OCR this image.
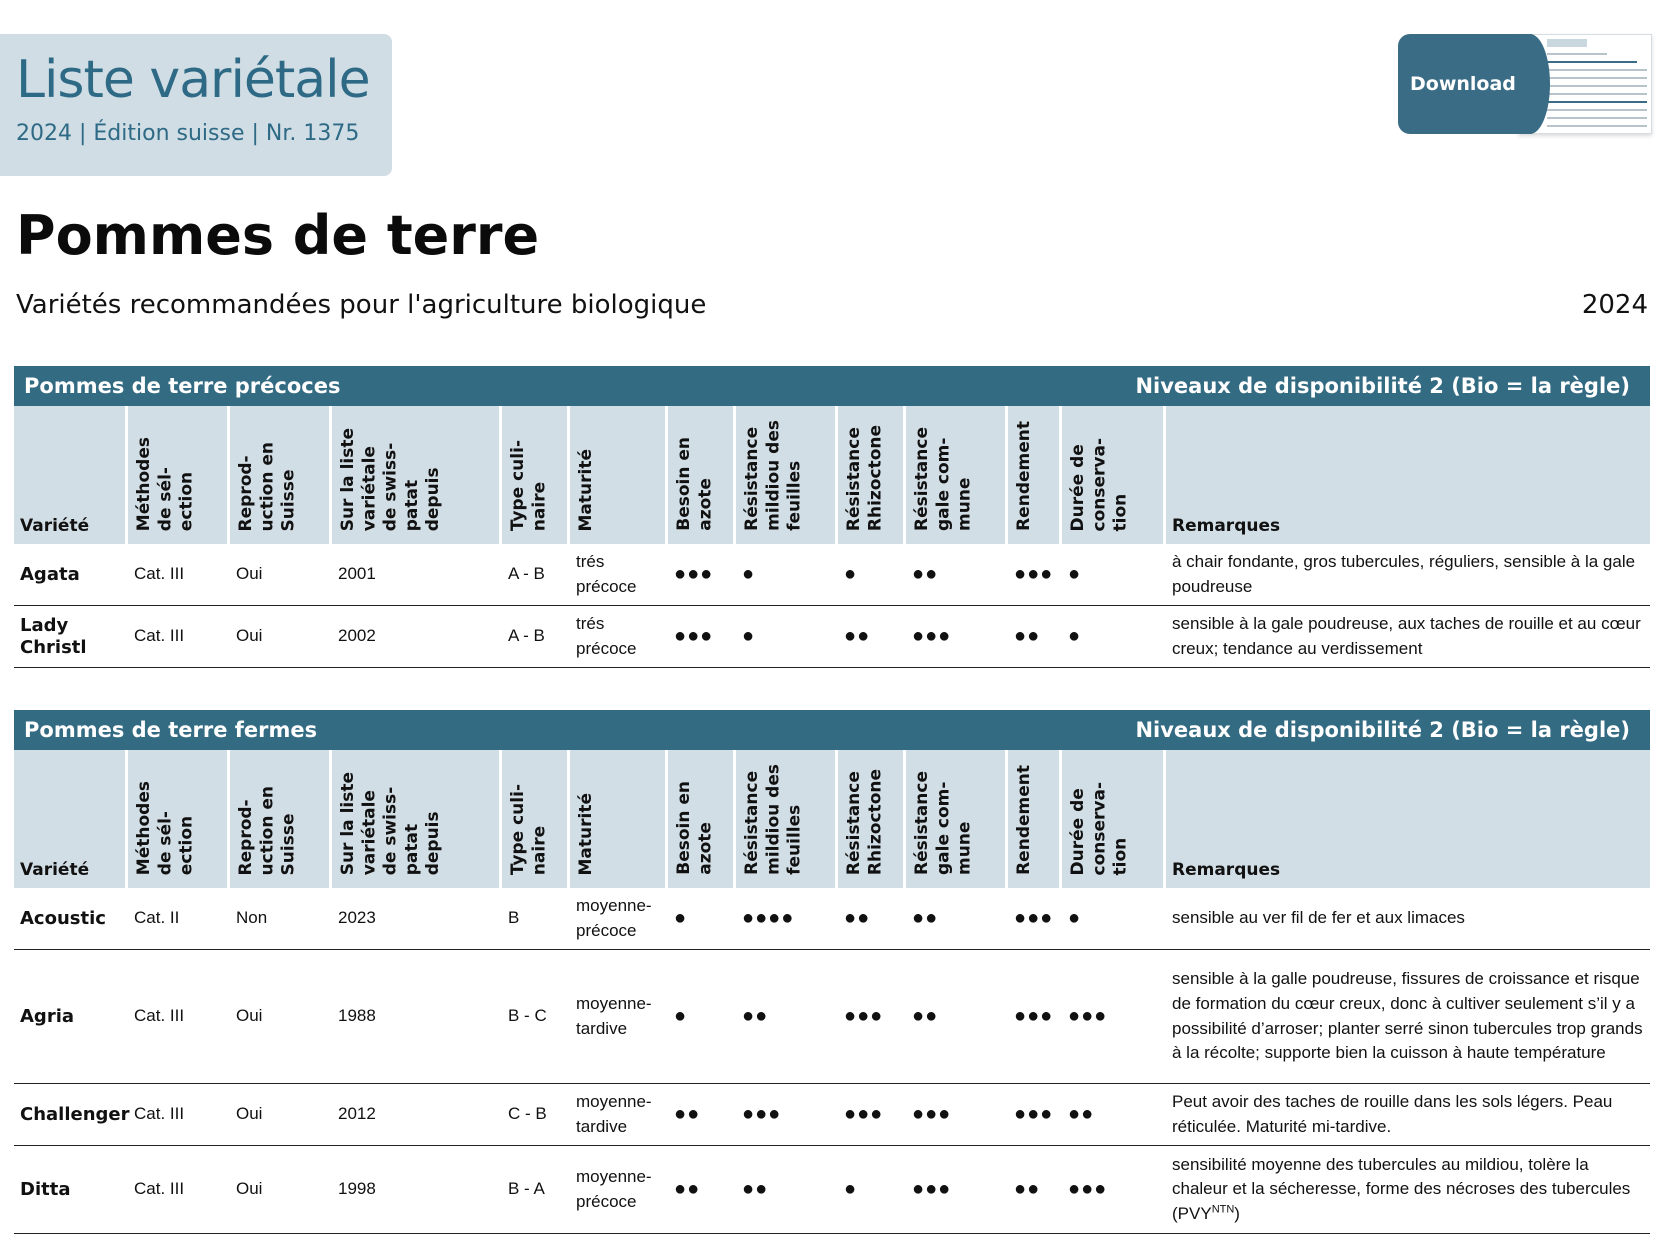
Liste variétale
2024 | Édition suisse | Nr. 1375
Download
Pommes de terre
Variétés recommandées pour l'agriculture biologique	2024
Pommes de terre précoces	Niveaux de disponibilité 2 (Bio = la règle)
Variété	Méthodes
de sél-
ection	Reprod-
uction en
Suisse	Sur la liste
variétale
de swiss-
patat
depuis	Type culi-
naire	Maturité	Besoin en
azote	Résistance
mildiou des
feuilles	Résistance
Rhizoctone	Résistance
gale com-
mune	Rendement	Durée de
conserva-
tion	Remarques
Agata	Cat. III	Oui	2001	A - B	trés
précoce	●●●	●	●	●●	●●●	●	à chair fondante, gros tubercules, réguliers, sensible à la gale poudreuse
Lady
Christl	Cat. III	Oui	2002	A - B	trés
précoce	●●●	●	●●	●●●	●●	●	sensible à la gale poudreuse, aux taches de rouille et au cœur creux; tendance au verdissement
Pommes de terre fermes	Niveaux de disponibilité 2 (Bio = la règle)
Variété	Méthodes
de sél-
ection	Reprod-
uction en
Suisse	Sur la liste
variétale
de swiss-
patat
depuis	Type culi-
naire	Maturité	Besoin en
azote	Résistance
mildiou des
feuilles	Résistance
Rhizoctone	Résistance
gale com-
mune	Rendement	Durée de
conserva-
tion	Remarques
Acoustic	Cat. II	Non	2023	B	moyenne-
précoce	●	●●●●	●●	●●	●●●	●	sensible au ver fil de fer et aux limaces
Agria	Cat. III	Oui	1988	B - C	moyenne-
tardive	●	●●	●●●	●●	●●●	●●●	sensible à la galle poudreuse, fissures de croissance et risque de formation du cœur creux, donc à cultiver seulement s’il y a possibilité d’arroser; planter serré sinon tubercules trop grands à la récolte; supporte bien la cuisson à haute température
Challenger	Cat. III	Oui	2012	C - B	moyenne-
tardive	●●	●●●	●●●	●●●	●●●	●●	Peut avoir des taches de rouille dans les sols légers. Peau réticulée. Maturité mi-tardive.
Ditta	Cat. III	Oui	1998	B - A	moyenne-
précoce	●●	●●	●	●●●	●●	●●●	sensibilité moyenne des tubercules au mildiou, tolère la chaleur et la sécheresse, forme des nécroses des tubercules $(PVY^{NTN})$
